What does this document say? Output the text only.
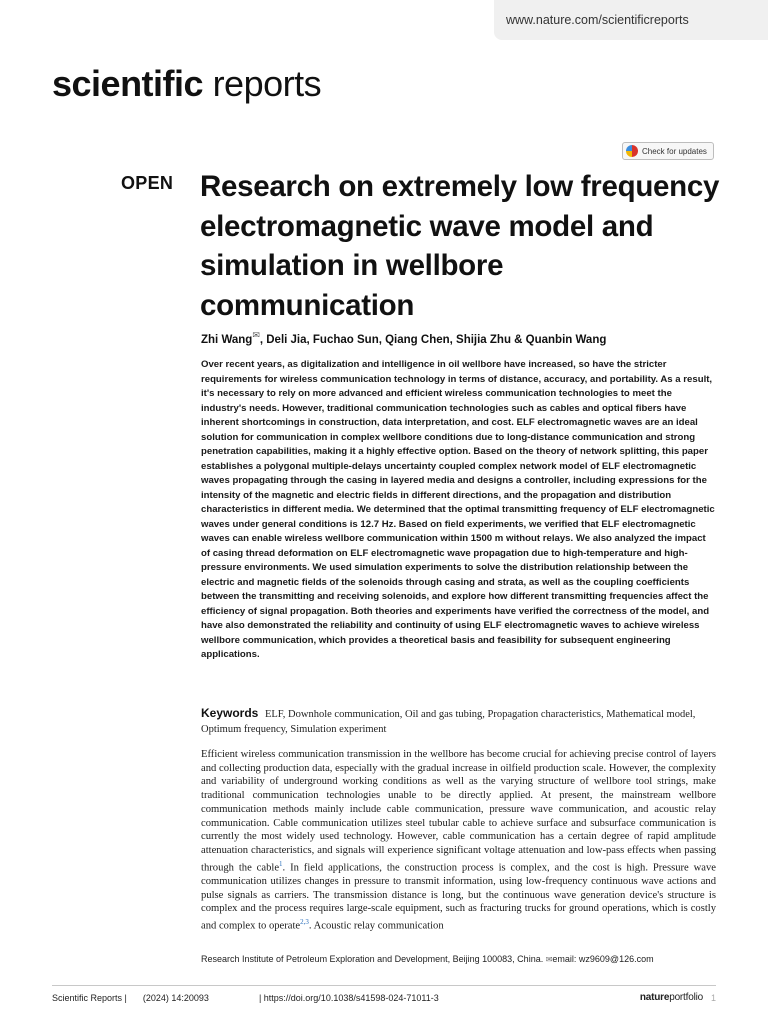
www.nature.com/scientificreports
scientific reports
Check for updates
OPEN Research on extremely low frequency electromagnetic wave model and simulation in wellbore communication
Zhi Wang✉, Deli Jia, Fuchao Sun, Qiang Chen, Shijia Zhu & Quanbin Wang

Over recent years, as digitalization and intelligence in oil wellbore have increased, so have the stricter requirements for wireless communication technology in terms of distance, accuracy, and portability. As a result, it's necessary to rely on more advanced and efficient wireless communication technologies to meet the industry's needs. However, traditional communication technologies such as cables and optical fibers have inherent shortcomings in construction, data interpretation, and cost. ELF electromagnetic waves are an ideal solution for communication in complex wellbore conditions due to long-distance communication and strong penetration capabilities, making it a highly effective option. Based on the theory of network splitting, this paper establishes a polygonal multiple-delays uncertainty coupled complex network model of ELF electromagnetic waves propagating through the casing in layered media and designs a controller, including expressions for the intensity of the magnetic and electric fields in different directions, and the propagation and distribution characteristics in different media. We determined that the optimal transmitting frequency of ELF electromagnetic waves under general conditions is 12.7 Hz. Based on field experiments, we verified that ELF electromagnetic waves can enable wireless wellbore communication within 1500 m without relays. We also analyzed the impact of casing thread deformation on ELF electromagnetic wave propagation due to high-temperature and high-pressure environments. We used simulation experiments to solve the distribution relationship between the electric and magnetic fields of the solenoids through casing and strata, as well as the coupling coefficients between the transmitting and receiving solenoids, and explore how different transmitting frequencies affect the efficiency of signal propagation. Both theories and experiments have verified the correctness of the model, and have also demonstrated the reliability and continuity of using ELF electromagnetic waves to achieve wireless wellbore communication, which provides a theoretical basis and feasibility for subsequent engineering applications.

Keywords ELF, Downhole communication, Oil and gas tubing, Propagation characteristics, Mathematical model, Optimum frequency, Simulation experiment

Efficient wireless communication transmission in the wellbore has become crucial for achieving precise control of layers and collecting production data, especially with the gradual increase in oilfield production scale. However, the complexity and variability of underground working conditions as well as the varying structure of wellbore tool strings, make traditional communication technologies unable to be directly applied. At present, the mainstream wellbore communication methods mainly include cable communication, pressure wave communication, and acoustic relay communication. Cable communication utilizes steel tubular cable to achieve surface and subsurface communication is currently the most widely used technology. However, cable communication has a certain degree of rapid amplitude attenuation characteristics, and signals will experience significant voltage attenuation and low-pass effects when passing through the cable$^1$. In field applications, the construction process is complex, and the cost is high. Pressure wave communication utilizes changes in pressure to transmit information, using low-frequency continuous wave actions and pulse signals as carriers. The transmission distance is long, but the continuous wave generation device's structure is complex and the process requires large-scale equipment, such as fracturing trucks for ground operations, which is costly and complex to operate$^{2,3}$. Acoustic relay communication

Research Institute of Petroleum Exploration and Development, Beijing 100083, China. ✉email: wz9609@126.com

Scientific Reports | (2024) 14:20093	| https://doi.org/10.1038/s41598-024-71011-3	natureportfolio 1
